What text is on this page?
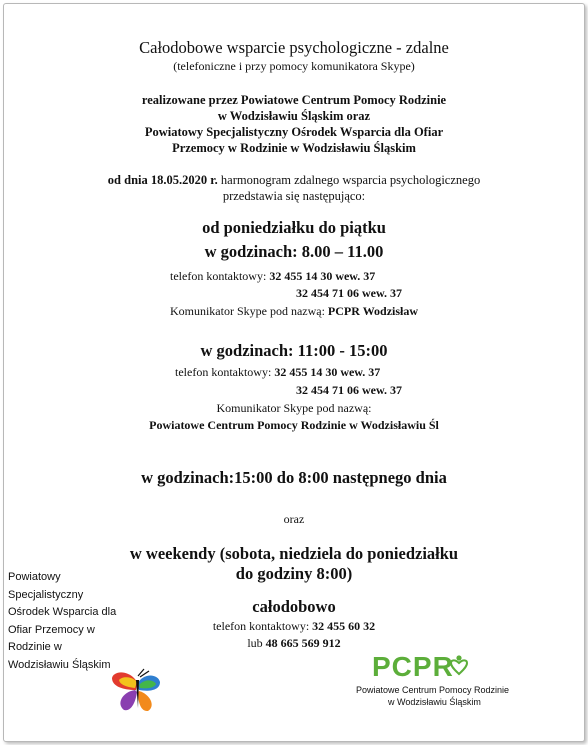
Całodobowe wsparcie psychologiczne - zdalne
(telefoniczne i przy pomocy komunikatora Skype)
realizowane przez Powiatowe Centrum Pomocy Rodzinie
w Wodzisławiu Śląskim oraz
Powiatowy Specjalistyczny Ośrodek Wsparcia dla Ofiar
Przemocy w Rodzinie w Wodzisławiu Śląskim
od dnia 18.05.2020 r. harmonogram zdalnego wsparcia psychologicznego
przedstawia się następująco:
od poniedziałku do piątku
w godzinach: 8.00 – 11.00
telefon kontaktowy: 32 455 14 30 wew. 37
32 454 71 06 wew. 37
Komunikator Skype pod nazwą: PCPR Wodzisław
w godzinach: 11:00 - 15:00
telefon kontaktowy: 32 455 14 30 wew. 37
32 454 71 06 wew. 37
Komunikator Skype pod nazwą:
Powiatowe Centrum Pomocy Rodzinie w Wodzisławiu Śl
w godzinach:15:00 do 8:00 następnego dnia
oraz
w weekendy (sobota, niedziela do poniedziałku
do godziny 8:00)
całodobowo
telefon kontaktowy: 32 455 60 32
lub 48 665 569 912
Powiatowy
Specjalistyczny
Ośrodek Wsparcia dla
Ofiar Przemocy w
Rodzinie w
Wodzisławiu Śląskim	PCPR
Powiatowe Centrum Pomocy Rodzinie
w Wodzisławiu Śląskim
